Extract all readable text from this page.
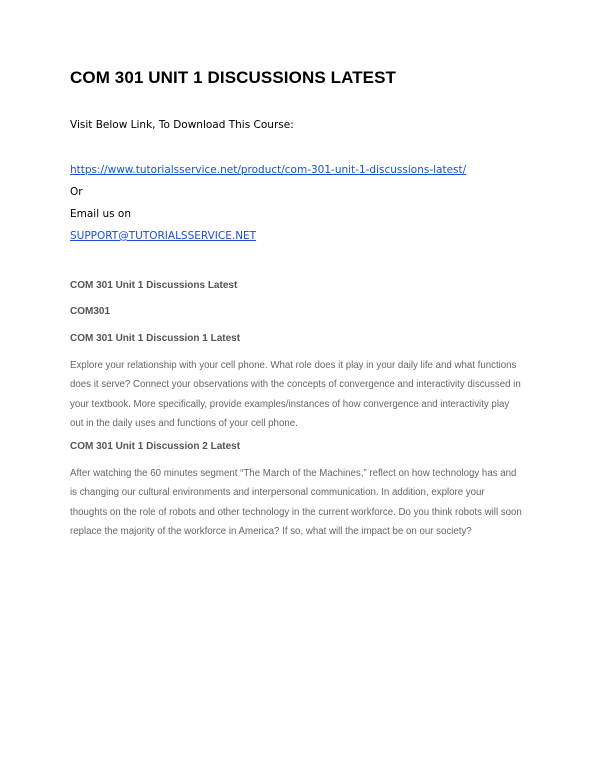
COM 301 UNIT 1 DISCUSSIONS LATEST
Visit Below Link, To Download This Course:
https://www.tutorialsservice.net/product/com-301-unit-1-discussions-latest/
Or
Email us on
SUPPORT@TUTORIALSSERVICE.NET
COM 301 Unit 1 Discussions Latest
COM301
COM 301 Unit 1 Discussion 1 Latest
Explore your relationship with your cell phone. What role does it play in your daily life and what functions
does it serve? Connect your observations with the concepts of convergence and interactivity discussed in
your textbook. More specifically, provide examples/instances of how convergence and interactivity play
out in the daily uses and functions of your cell phone.
COM 301 Unit 1 Discussion 2 Latest
After watching the 60 minutes segment “The March of the Machines,” reflect on how technology has and
is changing our cultural environments and interpersonal communication. In addition, explore your
thoughts on the role of robots and other technology in the current workforce. Do you think robots will soon
replace the majority of the workforce in America? If so, what will the impact be on our society?
